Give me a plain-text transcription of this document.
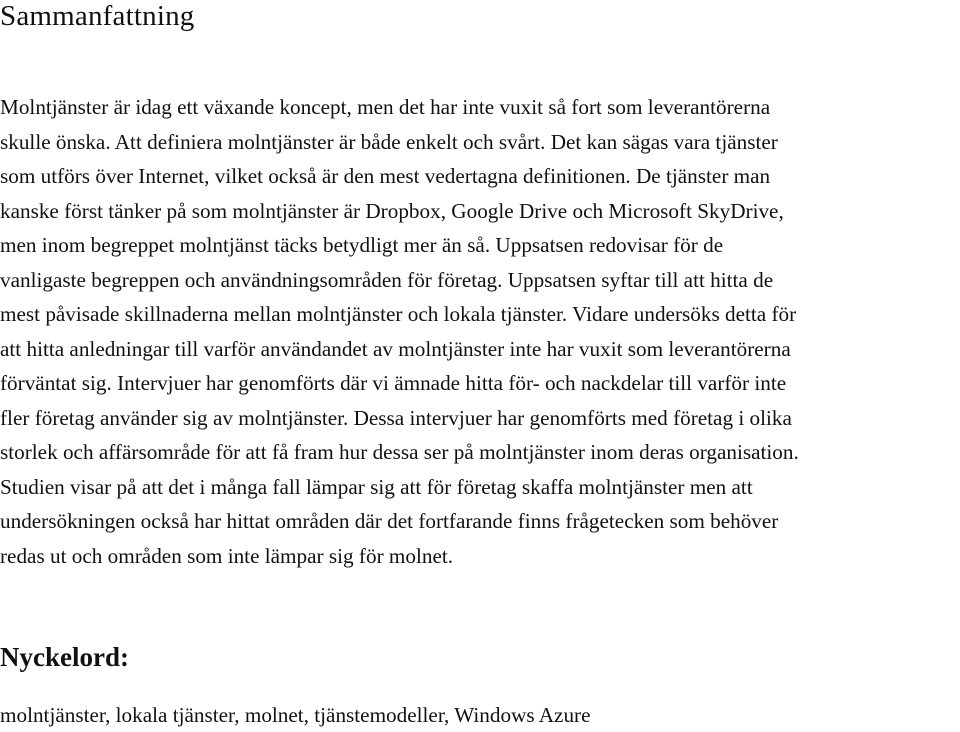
Sammanfattning

Molntjänster är idag ett växande koncept, men det har inte vuxit så fort som leverantörerna
skulle önska. Att definiera molntjänster är både enkelt och svårt. Det kan sägas vara tjänster
som utförs över Internet, vilket också är den mest vedertagna definitionen. De tjänster man
kanske först tänker på som molntjänster är Dropbox, Google Drive och Microsoft SkyDrive,
men inom begreppet molntjänst täcks betydligt mer än så. Uppsatsen redovisar för de
vanligaste begreppen och användningsområden för företag. Uppsatsen syftar till att hitta de
mest påvisade skillnaderna mellan molntjänster och lokala tjänster. Vidare undersöks detta för
att hitta anledningar till varför användandet av molntjänster inte har vuxit som leverantörerna
förväntat sig. Intervjuer har genomförts där vi ämnade hitta för- och nackdelar till varför inte
fler företag använder sig av molntjänster. Dessa intervjuer har genomförts med företag i olika
storlek och affärsområde för att få fram hur dessa ser på molntjänster inom deras organisation.
Studien visar på att det i många fall lämpar sig att för företag skaffa molntjänster men att
undersökningen också har hittat områden där det fortfarande finns frågetecken som behöver
redas ut och områden som inte lämpar sig för molnet.

Nyckelord:

molntjänster, lokala tjänster, molnet, tjänstemodeller, Windows Azure
